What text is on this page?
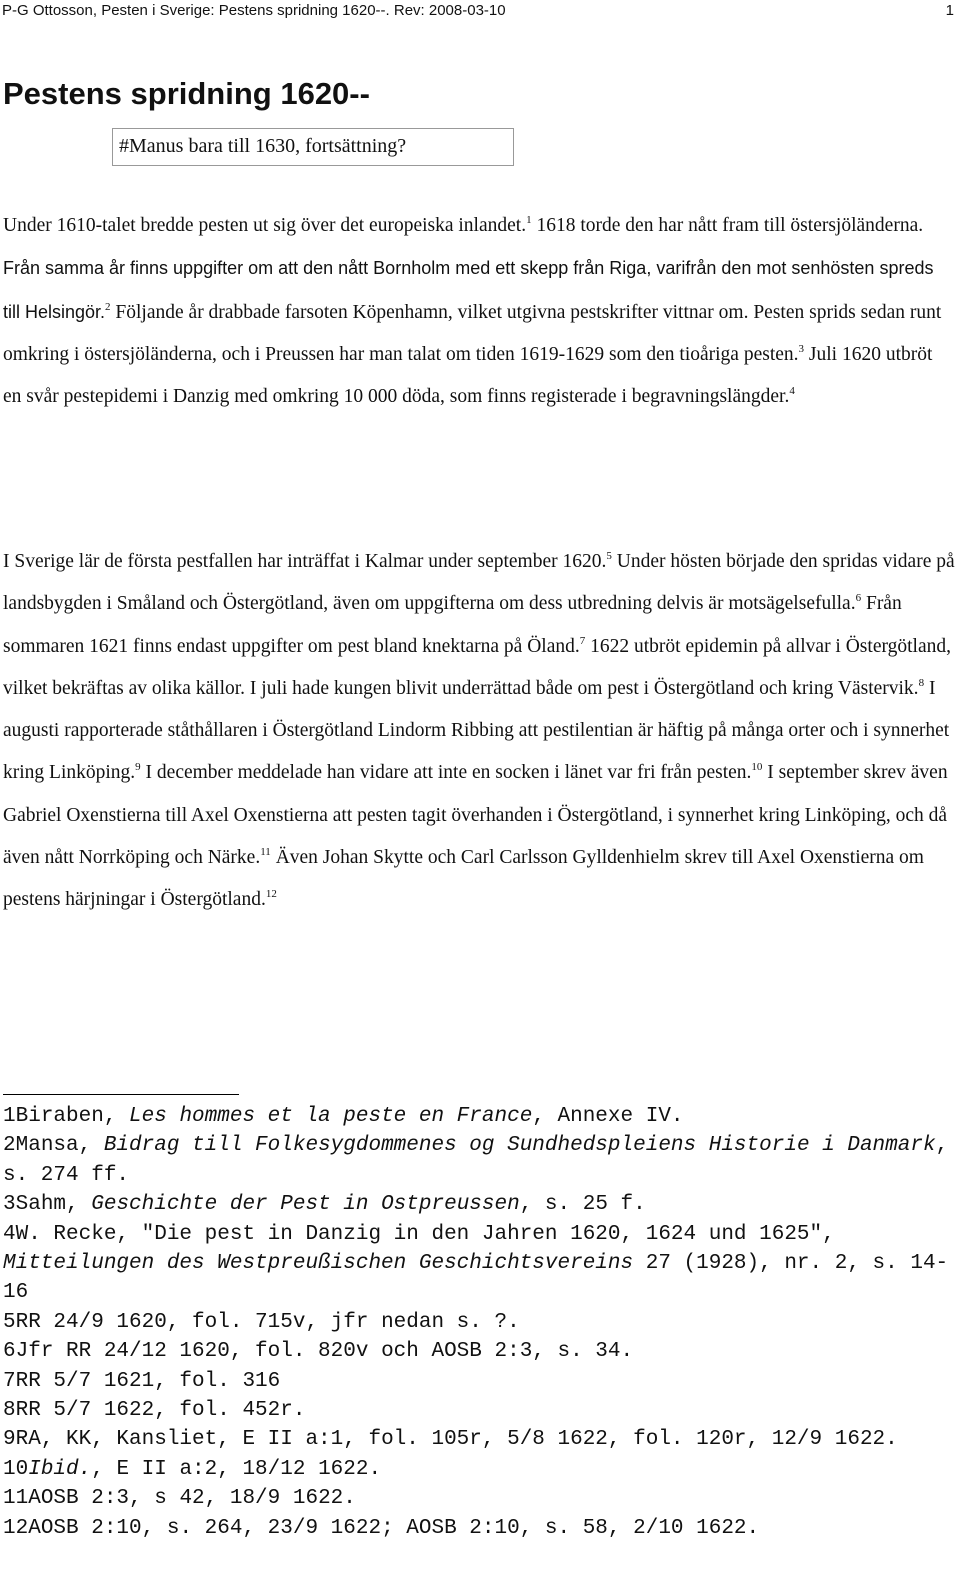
P-G Ottosson, Pesten i Sverige: Pestens spridning 1620--. Rev: 2008-03-10	1
Pestens spridning 1620--
#Manus bara till 1630, fortsättning?

Under 1610-talet bredde pesten ut sig över det europeiska inlandet.$^1$ 1618 torde den har nått fram till östersjöländerna. Från samma år finns uppgifter om att den nått Bornholm med ett skepp från Riga, varifrån den mot senhösten spreds till Helsingör.$^2$ Följande år drabbade farsoten Köpenhamn, vilket utgivna pestskrifter vittnar om. Pesten sprids sedan runt omkring i östersjöländerna, och i Preussen har man talat om tiden 1619-1629 som den tioåriga pesten.$^3$ Juli 1620 utbröt en svår pestepidemi i Danzig med omkring 10 000 döda, som finns registerade i begravningslängder.$^4$

I Sverige lär de första pestfallen har inträffat i Kalmar under september 1620.$^5$ Under hösten började den spridas vidare på landsbygden i Småland och Östergötland, även om uppgifterna om dess utbredning delvis är motsägelsefulla.$^6$ Från sommaren 1621 finns endast uppgifter om pest bland knektarna på Öland.$^7$ 1622 utbröt epidemin på allvar i Östergötland, vilket bekräftas av olika källor. I juli hade kungen blivit underrättad både om pest i Östergötland och kring Västervik.$^8$ I augusti rapporterade ståthållaren i Östergötland Lindorm Ribbing att pestilentian är häftig på många orter och i synnerhet kring Linköping.$^9$ I december meddelade han vidare att inte en socken i länet var fri från pesten.$^{10}$ I september skrev även Gabriel Oxenstierna till Axel Oxenstierna att pesten tagit överhanden i Östergötland, i synnerhet kring Linköping, och då även nått Norrköping och Närke.$^{11}$ Även Johan Skytte och Carl Carlsson Gylldenhielm skrev till Axel Oxenstierna om pestens härjningar i Östergötland.$^{12}$

1Biraben, Les hommes et la peste en France, Annexe IV.
2Mansa, Bidrag till Folkesygdommenes og Sundhedspleiens Historie i Danmark, s. 274 ff.
3Sahm, Geschichte der Pest in Ostpreussen, s. 25 f.
4W. Recke, "Die pest in Danzig in den Jahren 1620, 1624 und 1625", Mitteilungen des Westpreußischen Geschichtsvereins 27 (1928), nr. 2, s. 14-16
5RR 24/9 1620, fol. 715v, jfr nedan s. ?.
6Jfr RR 24/12 1620, fol. 820v och AOSB 2:3, s. 34.
7RR 5/7 1621, fol. 316
8RR 5/7 1622, fol. 452r.
9RA, KK, Kansliet, E II a:1, fol. 105r, 5/8 1622, fol. 120r, 12/9 1622.
10Ibid., E II a:2, 18/12 1622.
11AOSB 2:3, s 42, 18/9 1622.
12AOSB 2:10, s. 264, 23/9 1622; AOSB 2:10, s. 58, 2/10 1622.
